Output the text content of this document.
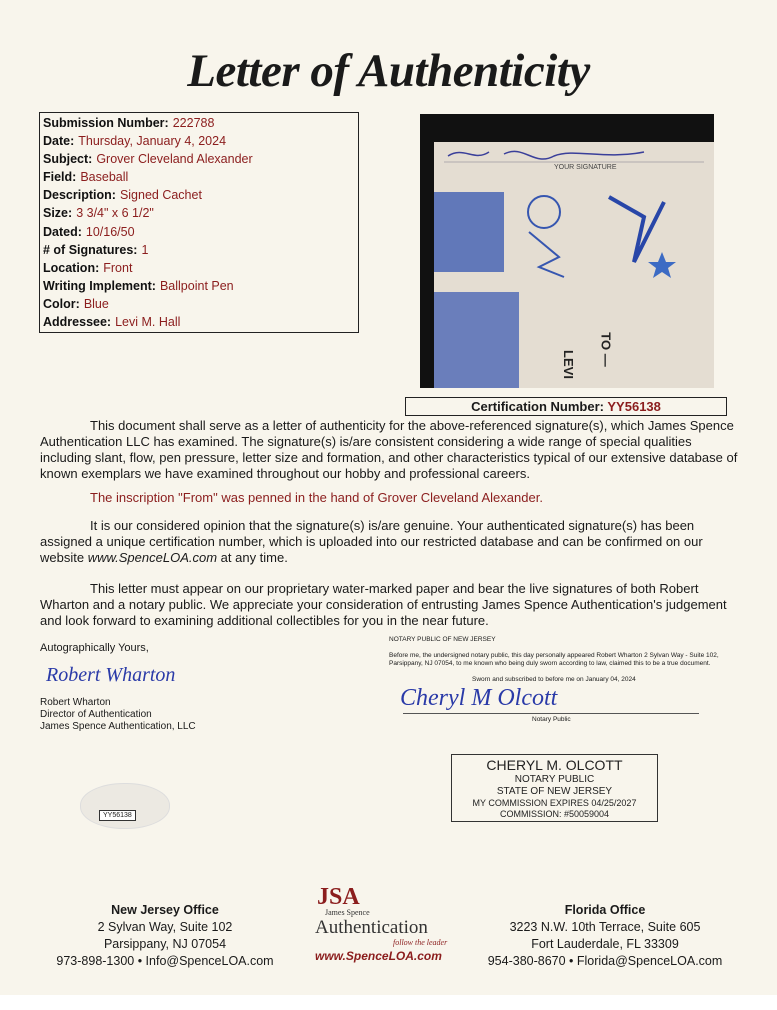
Letter of Authenticity
Submission Number: 222788
Date: Thursday, January 4, 2024
Subject: Grover Cleveland Alexander
Field: Baseball
Description: Signed Cachet
Size: 3 3/4" x 6 1/2"
Dated: 10/16/50
# of Signatures: 1
Location: Front
Writing Implement: Ballpoint Pen
Color: Blue
Addressee: Levi M. Hall
YOUR SIGNATURE
TO —
LEVI
Certification Number: YY56138
This document shall serve as a letter of authenticity for the above-referenced signature(s), which James Spence Authentication LLC has examined. The signature(s) is/are consistent considering a wide range of special qualities including slant, flow, pen pressure, letter size and formation, and other characteristics typical of our extensive database of known exemplars we have examined throughout our hobby and professional careers.
The inscription "From" was penned in the hand of Grover Cleveland Alexander.
It is our considered opinion that the signature(s) is/are genuine. Your authenticated signature(s) has been assigned a unique certification number, which is uploaded into our restricted database and can be confirmed on our website www.SpenceLOA.com at any time.
This letter must appear on our proprietary water-marked paper and bear the live signatures of both Robert Wharton and a notary public. We appreciate your consideration of entrusting James Spence Authentication's judgement and look forward to examining additional collectibles for you in the near future.
Autographically Yours,
Robert Wharton
Robert Wharton
Director of Authentication
James Spence Authentication, LLC
YY56138
NOTARY PUBLIC OF NEW JERSEY
Before me, the undersigned notary public, this day personally appeared Robert Wharton 2 Sylvan Way - Suite 102, Parsippany, NJ 07054, to me known who being duly sworn according to law, claimed this to be a true document.
Sworn and subscribed to before me on January 04, 2024
Cheryl M Olcott
Notary Public
CHERYL M. OLCOTT
NOTARY PUBLIC
STATE OF NEW JERSEY
MY COMMISSION EXPIRES 04/25/2027
COMMISSION: #50059004
New Jersey Office
2 Sylvan Way, Suite 102
Parsippany, NJ 07054
973-898-1300 • Info@SpenceLOA.com
JSA
James Spence
Authentication
follow the leader
www.SpenceLOA.com
Florida Office
3223 N.W. 10th Terrace, Suite 605
Fort Lauderdale, FL 33309
954-380-8670 • Florida@SpenceLOA.com
